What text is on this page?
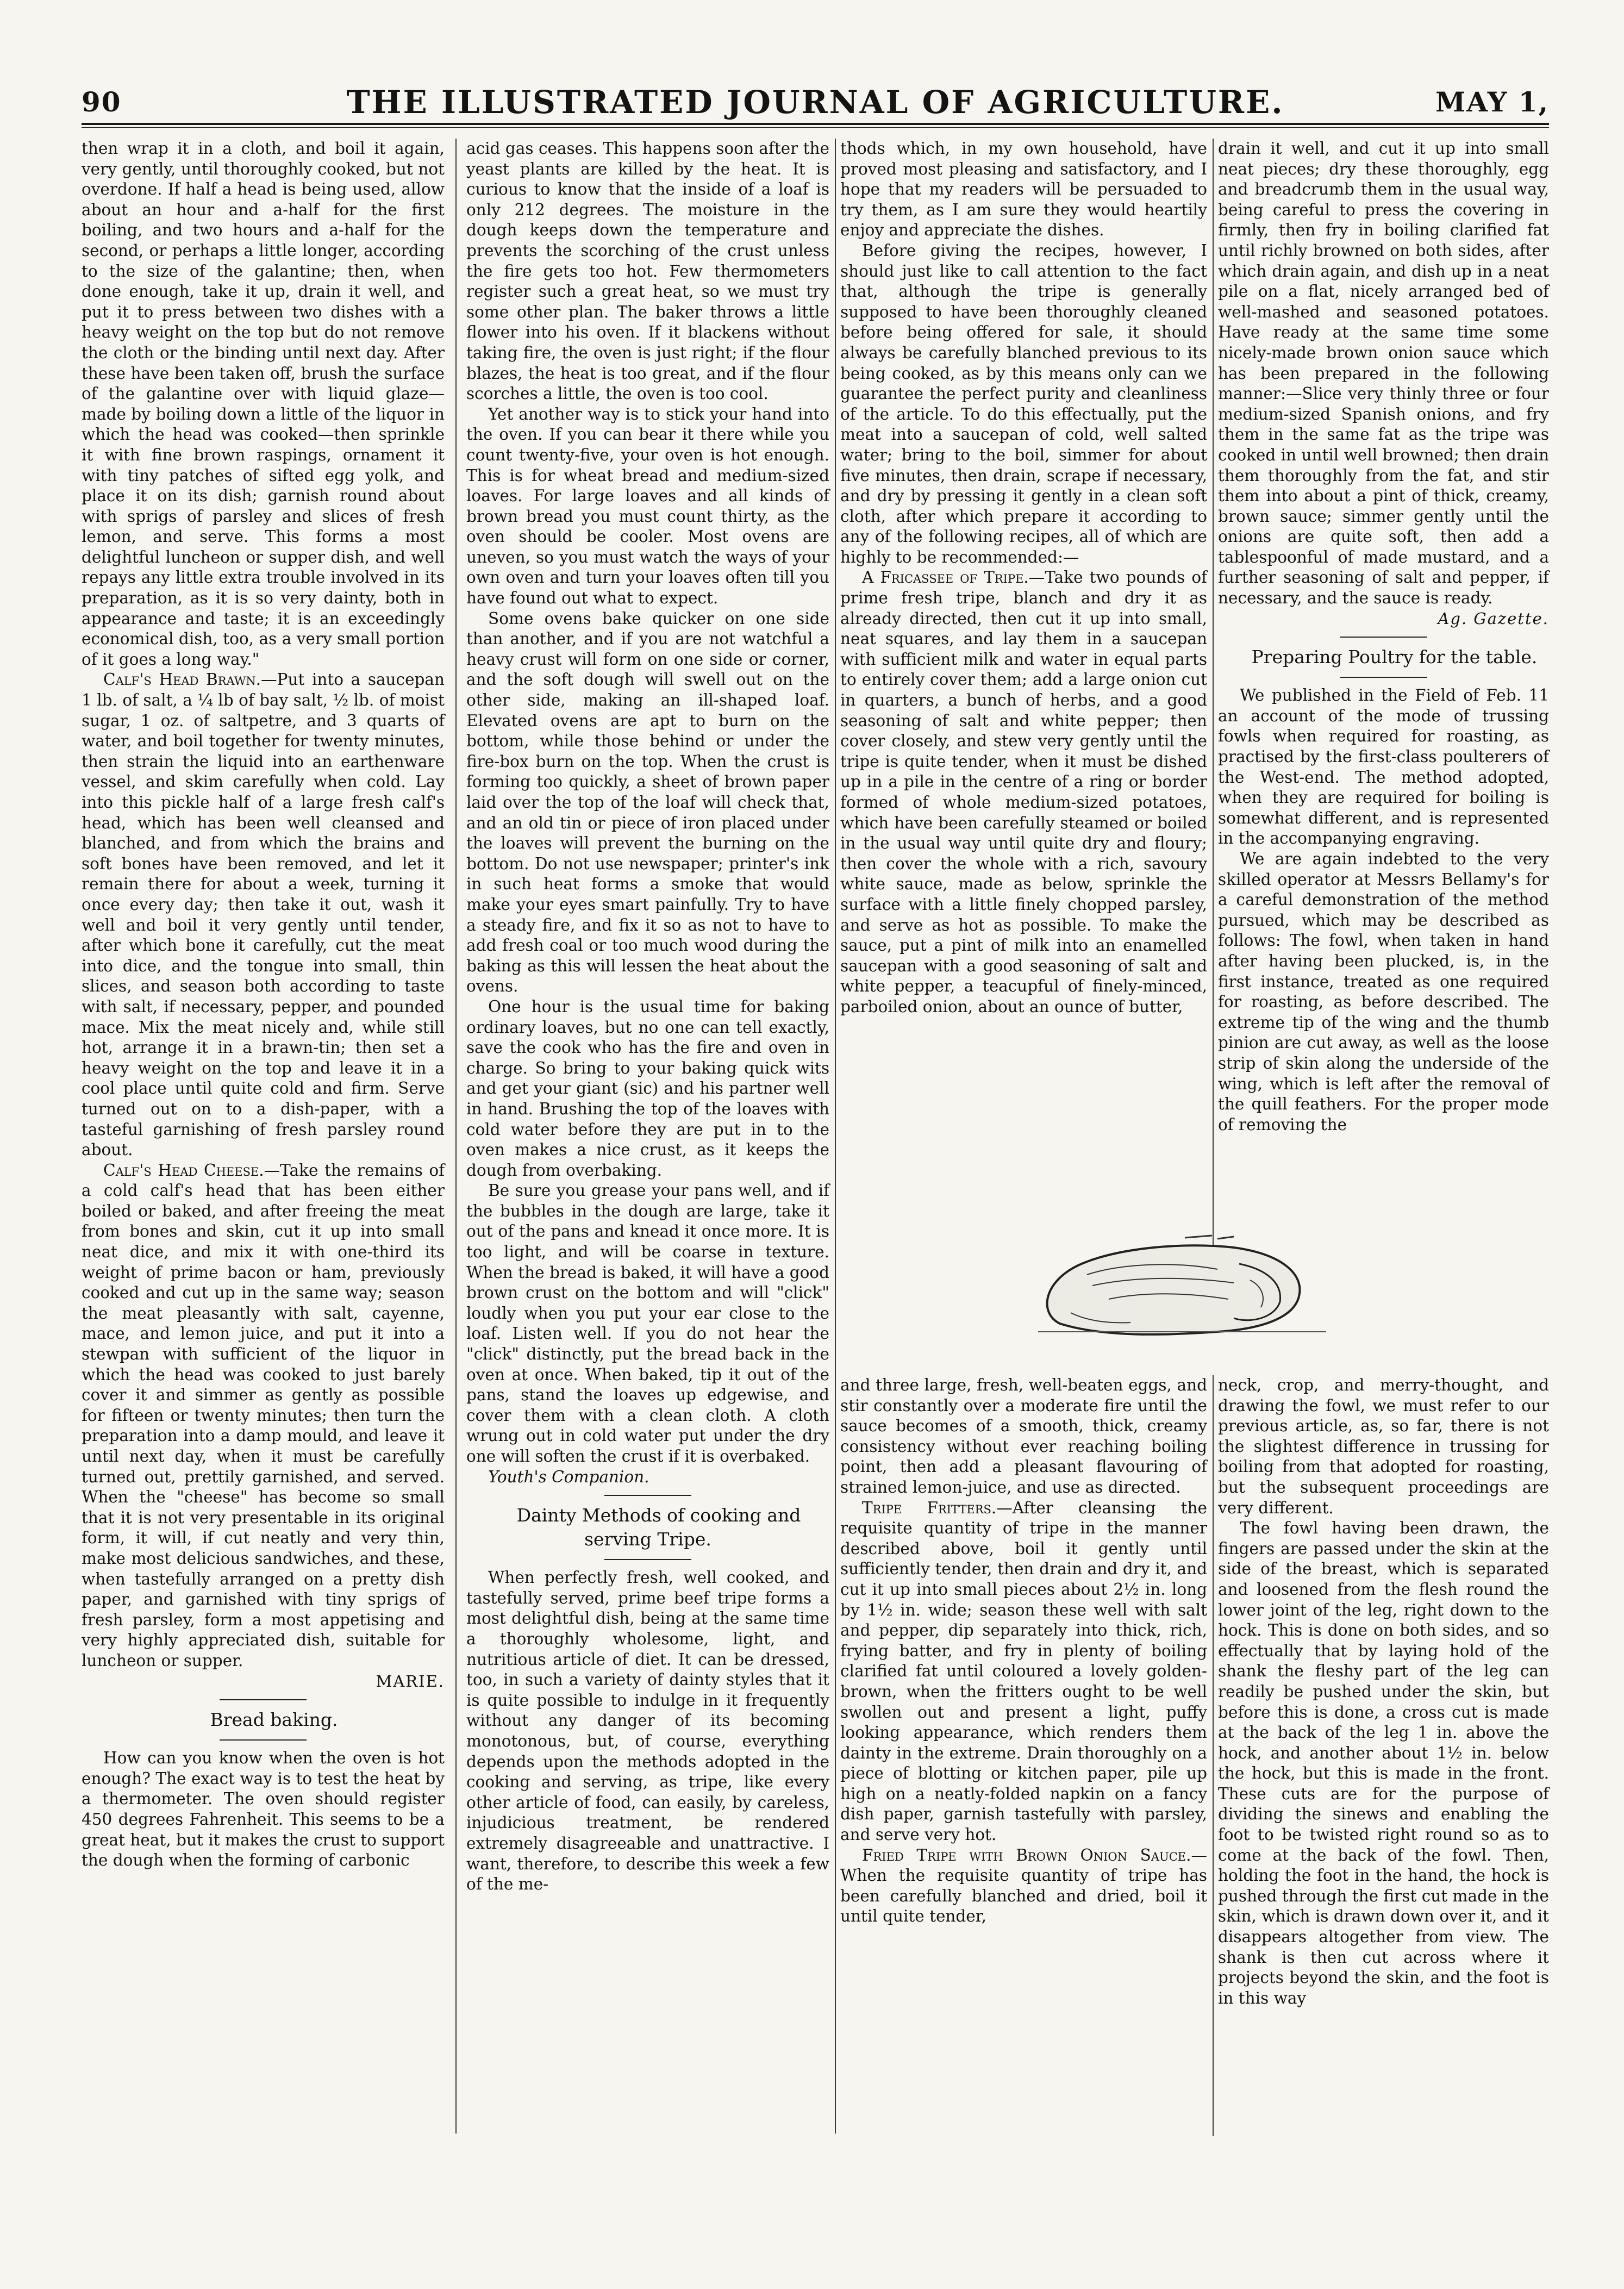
90	THE ILLUSTRATED JOURNAL OF AGRICULTURE.	MAY 1,

then wrap it in a cloth, and boil it again, very gently, until thoroughly cooked, but not overdone. If half a head is being used, allow about an hour and a-half for the first boiling, and two hours and a-half for the second, or perhaps a little longer, according to the size of the galantine; then, when done enough, take it up, drain it well, and put it to press between two dishes with a heavy weight on the top but do not remove the cloth or the binding until next day. After these have been taken off, brush the surface of the galantine over with liquid glaze—made by boiling down a little of the liquor in which the head was cooked—then sprinkle it with fine brown raspings, ornament it with tiny patches of sifted egg yolk, and place it on its dish; garnish round about with sprigs of parsley and slices of fresh lemon, and serve. This forms a most delightful luncheon or supper dish, and well repays any little extra trouble involved in its preparation, as it is so very dainty, both in appearance and taste; it is an exceedingly economical dish, too, as a very small portion of it goes a long way."

Calf's Head Brawn.—Put into a saucepan 1 lb. of salt, a ¼ lb of bay salt, ½ lb. of moist sugar, 1 oz. of saltpetre, and 3 quarts of water, and boil together for twenty minutes, then strain the liquid into an earthenware vessel, and skim carefully when cold. Lay into this pickle half of a large fresh calf's head, which has been well cleansed and blanched, and from which the brains and soft bones have been removed, and let it remain there for about a week, turning it once every day; then take it out, wash it well and boil it very gently until tender, after which bone it carefully, cut the meat into dice, and the tongue into small, thin slices, and season both according to taste with salt, if necessary, pepper, and pounded mace. Mix the meat nicely and, while still hot, arrange it in a brawn-tin; then set a heavy weight on the top and leave it in a cool place until quite cold and firm. Serve turned out on to a dish-paper, with a tasteful garnishing of fresh parsley round about.

Calf's Head Cheese.—Take the remains of a cold calf's head that has been either boiled or baked, and after freeing the meat from bones and skin, cut it up into small neat dice, and mix it with one-third its weight of prime bacon or ham, previously cooked and cut up in the same way; season the meat pleasantly with salt, cayenne, mace, and lemon juice, and put it into a stewpan with sufficient of the liquor in which the head was cooked to just barely cover it and simmer as gently as possible for fifteen or twenty minutes; then turn the preparation into a damp mould, and leave it until next day, when it must be carefully turned out, prettily garnished, and served. When the "cheese" has become so small that it is not very presentable in its original form, it will, if cut neatly and very thin, make most delicious sandwiches, and these, when tastefully arranged on a pretty dish paper, and garnished with tiny sprigs of fresh parsley, form a most appetising and very highly appreciated dish, suitable for luncheon or supper.

MARIE.

Bread baking.

How can you know when the oven is hot enough? The exact way is to test the heat by a thermometer. The oven should register 450 degrees Fahrenheit. This seems to be a great heat, but it makes the crust to support the dough when the forming of carbonic

acid gas ceases. This happens soon after the yeast plants are killed by the heat. It is curious to know that the inside of a loaf is only 212 degrees. The moisture in the dough keeps down the temperature and prevents the scorching of the crust unless the fire gets too hot. Few thermometers register such a great heat, so we must try some other plan. The baker throws a little flower into his oven. If it blackens without taking fire, the oven is just right; if the flour blazes, the heat is too great, and if the flour scorches a little, the oven is too cool.

Yet another way is to stick your hand into the oven. If you can bear it there while you count twenty-five, your oven is hot enough. This is for wheat bread and medium-sized loaves. For large loaves and all kinds of brown bread you must count thirty, as the oven should be cooler. Most ovens are uneven, so you must watch the ways of your own oven and turn your loaves often till you have found out what to expect.

Some ovens bake quicker on one side than another, and if you are not watchful a heavy crust will form on one side or corner, and the soft dough will swell out on the other side, making an ill-shaped loaf. Elevated ovens are apt to burn on the bottom, while those behind or under the fire-box burn on the top. When the crust is forming too quickly, a sheet of brown paper laid over the top of the loaf will check that, and an old tin or piece of iron placed under the loaves will prevent the burning on the bottom. Do not use newspaper; printer's ink in such heat forms a smoke that would make your eyes smart painfully. Try to have a steady fire, and fix it so as not to have to add fresh coal or too much wood during the baking as this will lessen the heat about the ovens.

One hour is the usual time for baking ordinary loaves, but no one can tell exactly, save the cook who has the fire and oven in charge. So bring to your baking quick wits and get your giant (sic) and his partner well in hand. Brushing the top of the loaves with cold water before they are put in to the oven makes a nice crust, as it keeps the dough from overbaking.

Be sure you grease your pans well, and if the bubbles in the dough are large, take it out of the pans and knead it once more. It is too light, and will be coarse in texture. When the bread is baked, it will have a good brown crust on the bottom and will "click" loudly when you put your ear close to the loaf. Listen well. If you do not hear the "click" distinctly, put the bread back in the oven at once. When baked, tip it out of the pans, stand the loaves up edgewise, and cover them with a clean cloth. A cloth wrung out in cold water put under the dry one will soften the crust if it is overbaked.

Youth's Companion.

Dainty Methods of cooking and serving Tripe.

When perfectly fresh, well cooked, and tastefully served, prime beef tripe forms a most delightful dish, being at the same time a thoroughly wholesome, light, and nutritious article of diet. It can be dressed, too, in such a variety of dainty styles that it is quite possible to indulge in it frequently without any danger of its becoming monotonous, but, of course, everything depends upon the methods adopted in the cooking and serving, as tripe, like every other article of food, can easily, by careless, injudicious treatment, be rendered extremely disagreeable and unattractive. I want, therefore, to describe this week a few of the me-

thods which, in my own household, have proved most pleasing and satisfactory, and I hope that my readers will be persuaded to try them, as I am sure they would heartily enjoy and appreciate the dishes.

Before giving the recipes, however, I should just like to call attention to the fact that, although the tripe is generally supposed to have been thoroughly cleaned before being offered for sale, it should always be carefully blanched previous to its being cooked, as by this means only can we guarantee the perfect purity and cleanliness of the article. To do this effectually, put the meat into a saucepan of cold, well salted water; bring to the boil, simmer for about five minutes, then drain, scrape if necessary, and dry by pressing it gently in a clean soft cloth, after which prepare it according to any of the following recipes, all of which are highly to be recommended:—

A Fricassee of Tripe.—Take two pounds of prime fresh tripe, blanch and dry it as already directed, then cut it up into small, neat squares, and lay them in a saucepan with sufficient milk and water in equal parts to entirely cover them; add a large onion cut in quarters, a bunch of herbs, and a good seasoning of salt and white pepper; then cover closely, and stew very gently until the tripe is quite tender, when it must be dished up in a pile in the centre of a ring or border formed of whole medium-sized potatoes, which have been carefully steamed or boiled in the usual way until quite dry and floury; then cover the whole with a rich, savoury white sauce, made as below, sprinkle the surface with a little finely chopped parsley, and serve as hot as possible. To make the sauce, put a pint of milk into an enamelled saucepan with a good seasoning of salt and white pepper, a teacupful of finely-minced, parboiled onion, about an ounce of butter,

drain it well, and cut it up into small neat pieces; dry these thoroughly, egg and breadcrumb them in the usual way, being careful to press the covering in firmly, then fry in boiling clarified fat until richly browned on both sides, after which drain again, and dish up in a neat pile on a flat, nicely arranged bed of well-mashed and seasoned potatoes. Have ready at the same time some nicely-made brown onion sauce which has been prepared in the following manner:—Slice very thinly three or four medium-sized Spanish onions, and fry them in the same fat as the tripe was cooked in until well browned; then drain them thoroughly from the fat, and stir them into about a pint of thick, creamy, brown sauce; simmer gently until the onions are quite soft, then add a tablespoonful of made mustard, and a further seasoning of salt and pepper, if necessary, and the sauce is ready.

Ag. Gazette.

Preparing Poultry for the table.

We published in the Field of Feb. 11 an account of the mode of trussing fowls when required for roasting, as practised by the first-class poulterers of the West-end. The method adopted, when they are required for boiling is somewhat different, and is represented in the accompanying engraving.

We are again indebted to the very skilled operator at Messrs Bellamy's for a careful demonstration of the method pursued, which may be described as follows: The fowl, when taken in hand after having been plucked, is, in the first instance, treated as one required for roasting, as before described. The extreme tip of the wing and the thumb pinion are cut away, as well as the loose strip of skin along the underside of the wing, which is left after the removal of the quill feathers. For the proper mode of removing the

and three large, fresh, well-beaten eggs, and stir constantly over a moderate fire until the sauce becomes of a smooth, thick, creamy consistency without ever reaching boiling point, then add a pleasant flavouring of strained lemon-juice, and use as directed.

Tripe Fritters.—After cleansing the requisite quantity of tripe in the manner described above, boil it gently until sufficiently tender, then drain and dry it, and cut it up into small pieces about 2½ in. long by 1½ in. wide; season these well with salt and pepper, dip separately into thick, rich, frying batter, and fry in plenty of boiling clarified fat until coloured a lovely golden-brown, when the fritters ought to be well swollen out and present a light, puffy looking appearance, which renders them dainty in the extreme. Drain thoroughly on a piece of blotting or kitchen paper, pile up high on a neatly-folded napkin on a fancy dish paper, garnish tastefully with parsley, and serve very hot.

Fried Tripe with Brown Onion Sauce.—When the requisite quantity of tripe has been carefully blanched and dried, boil it until quite tender,

neck, crop, and merry-thought, and drawing the fowl, we must refer to our previous article, as, so far, there is not the slightest difference in trussing for boiling from that adopted for roasting, but the subsequent proceedings are very different.

The fowl having been drawn, the fingers are passed under the skin at the side of the breast, which is separated and loosened from the flesh round the lower joint of the leg, right down to the hock. This is done on both sides, and so effectually that by laying hold of the shank the fleshy part of the leg can readily be pushed under the skin, but before this is done, a cross cut is made at the back of the leg 1 in. above the hock, and another about 1½ in. below the hock, but this is made in the front. These cuts are for the purpose of dividing the sinews and enabling the foot to be twisted right round so as to come at the back of the fowl. Then, holding the foot in the hand, the hock is pushed through the first cut made in the skin, which is drawn down over it, and it disappears altogether from view. The shank is then cut across where it projects beyond the skin, and the foot is in this way
